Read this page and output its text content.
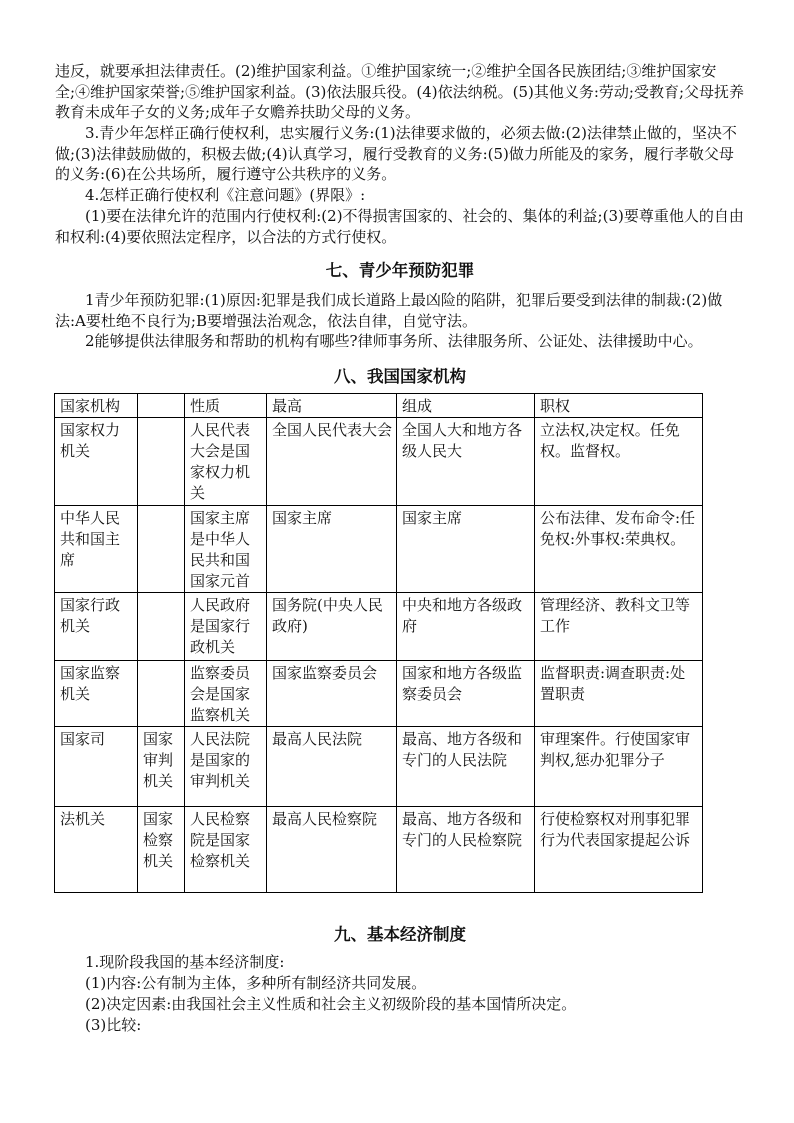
违反，就要承担法律责任。(2)维护国家利益。①维护国家统一;②维护全国各民族团结;③维护国家安全;④维护国家荣誉;⑤维护国家利益。(3)依法服兵役。(4)依法纳税。(5)其他义务:劳动;受教育;父母抚养教育未成年子女的义务;成年子女赡养扶助父母的义务。

3.青少年怎样正确行使权利，忠实履行义务:(1)法律要求做的，必须去做:(2)法律禁止做的，坚决不做;(3)法律鼓励做的，积极去做;(4)认真学习，履行受教育的义务:(5)做力所能及的家务，履行孝敬父母的义务:(6)在公共场所，履行遵守公共秩序的义务。

4.怎样正确行使权利《注意问题》(界限》:

(1)要在法律允许的范围内行使权利:(2)不得损害国家的、社会的、集体的利益;(3)要尊重他人的自由和权利:(4)要依照法定程序，以合法的方式行使权。

七、青少年预防犯罪

1青少年预防犯罪:(1)原因:犯罪是我们成长道路上最凶险的陷阱，犯罪后要受到法律的制裁:(2)做法:A要杜绝不良行为;B要增强法治观念，依法自律，自觉守法。

2能够提供法律服务和帮助的机构有哪些?律师事务所、法律服务所、公证处、法律援助中心。

八、我国国家机构
国家机构		性质	最高	组成	职权
国家权力机关		人民代表大会是国家权力机关	全国人民代表大会	全国人大和地方各级人民大	立法权,决定权。任免权。监督权。
中华人民共和国主席		国家主席是中华人民共和国国家元首	国家主席	国家主席	公布法律、发布命令:任免权:外事权:荣典权。
国家行政机关		人民政府是国家行政机关	国务院(中央人民政府)	中央和地方各级政府	管理经济、教科文卫等工作
国家监察机关		监察委员会是国家监察机关	国家监察委员会	国家和地方各级监察委员会	监督职责:调查职责:处置职责
国家司	国家审判机关	人民法院是国家的审判机关	最高人民法院	最高、地方各级和专门的人民法院	审理案件。行使国家审判权,惩办犯罪分子
法机关	国家检察机关	人民检察院是国家检察机关	最高人民检察院	最高、地方各级和专门的人民检察院	行使检察权对刑事犯罪行为代表国家提起公诉
九、基本经济制度

1.现阶段我国的基本经济制度:

(1)内容:公有制为主体，多种所有制经济共同发展。

(2)决定因素:由我国社会主义性质和社会主义初级阶段的基本国情所决定。

(3)比较:
